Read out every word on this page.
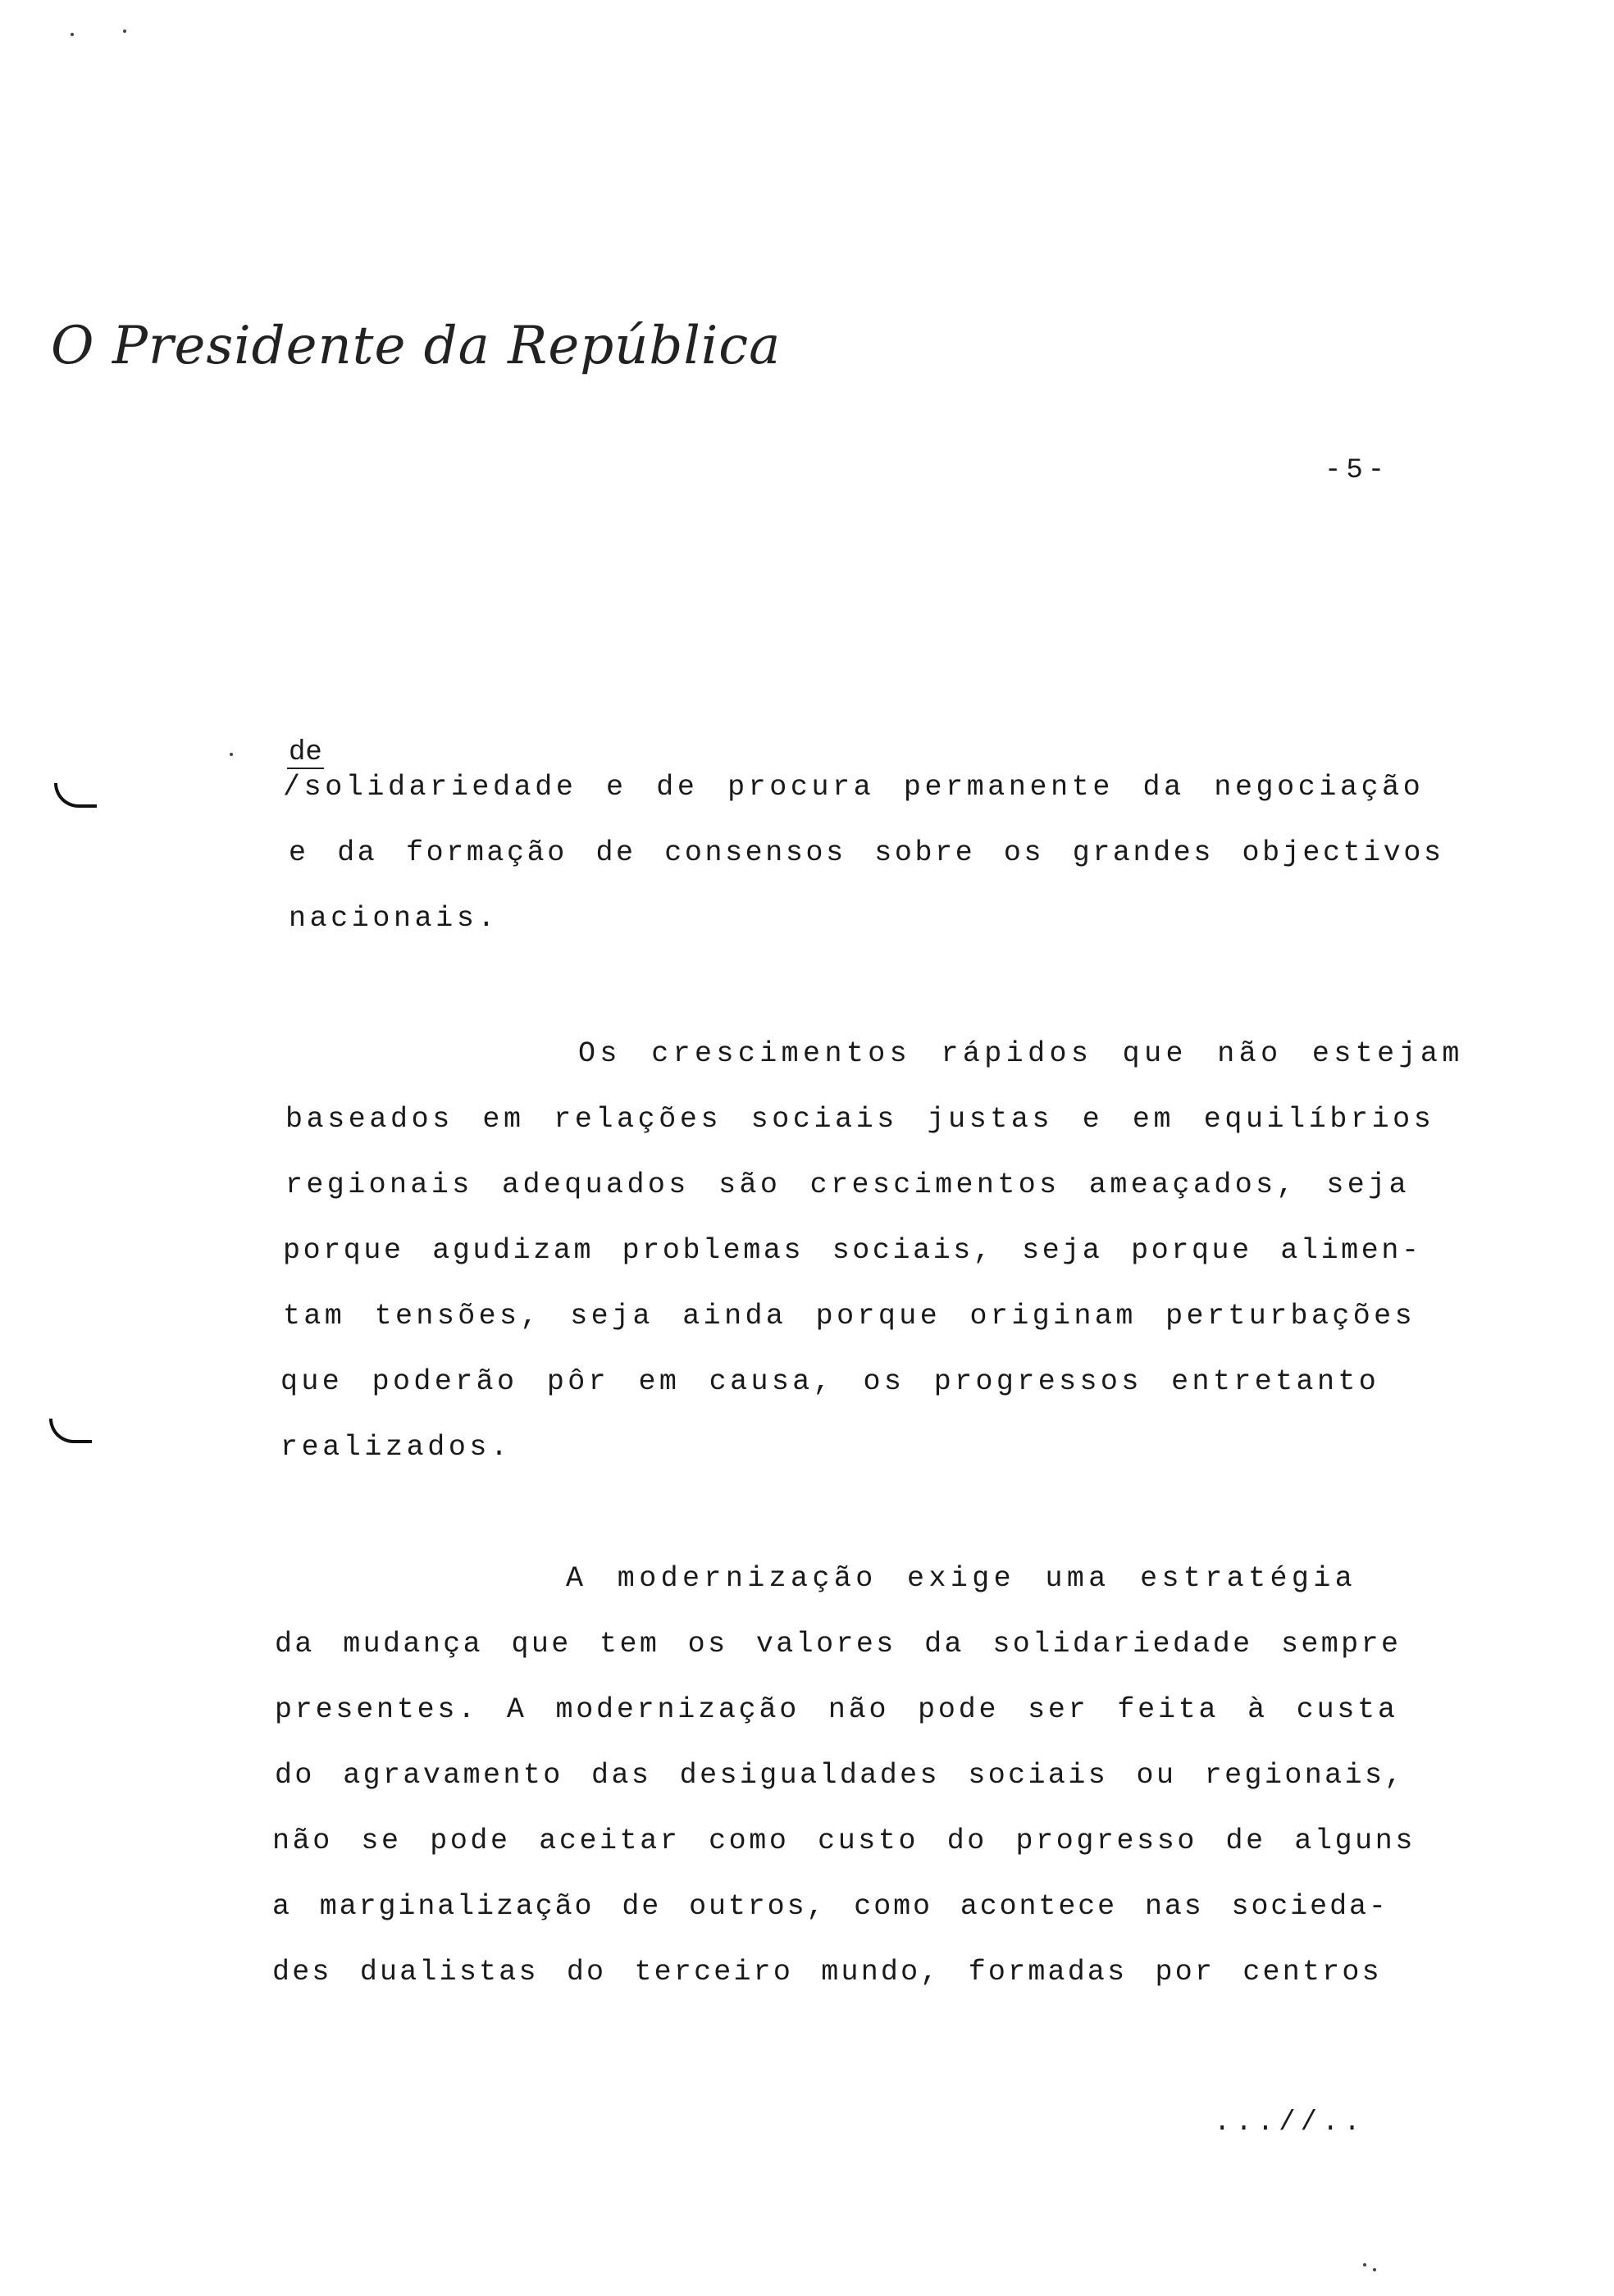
O Presidente da República
-5-
de
/solidariedade e de procura permanente da negociação
e da formação de consensos sobre os grandes objectivos
nacionais.
Os crescimentos rápidos que não estejam
baseados em relações sociais justas e em equilíbrios
regionais adequados são crescimentos ameaçados, seja
porque agudizam problemas sociais, seja porque alimen-
tam tensões, seja ainda porque originam perturbações
que poderão pôr em causa, os progressos entretanto
realizados.
A modernização exige uma estratégia
da mudança que tem os valores da solidariedade sempre
presentes. A modernização não pode ser feita à custa
do agravamento das desigualdades sociais ou regionais,
não se pode aceitar como custo do progresso de alguns
a marginalização de outros, como acontece nas socieda-
des dualistas do terceiro mundo, formadas por centros
...//..
